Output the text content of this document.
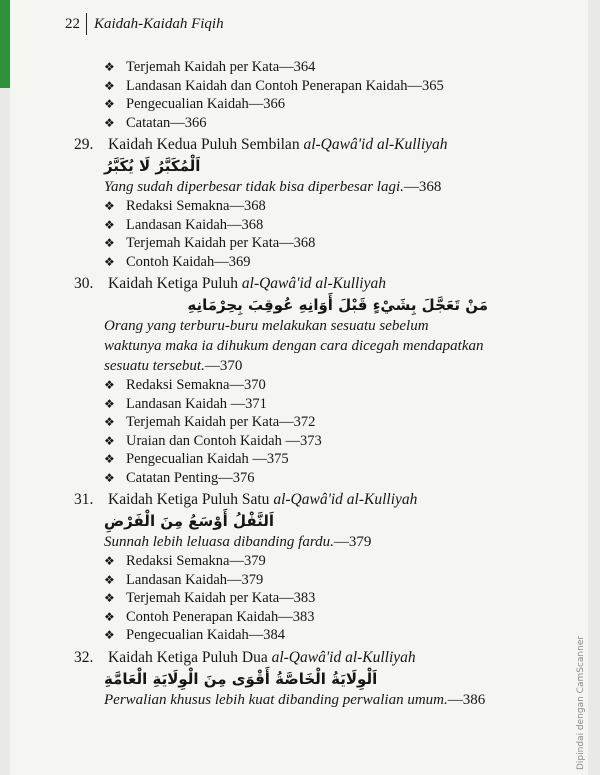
22 Kaidah-Kaidah Fiqih
❖ Terjemah Kaidah per Kata—364
❖ Landasan Kaidah dan Contoh Penerapan Kaidah—365
❖ Pengecualian Kaidah—366
❖ Catatan—366
29. Kaidah Kedua Puluh Sembilan al-Qawâ'id al-Kulliyah
اَلْمُكَبَّرُ لَا يُكَبَّرُ
Yang sudah diperbesar tidak bisa diperbesar lagi.—368
❖ Redaksi Semakna—368
❖ Landasan Kaidah—368
❖ Terjemah Kaidah per Kata—368
❖ Contoh Kaidah—369
30. Kaidah Ketiga Puluh al-Qawâ'id al-Kulliyah
مَنْ تَعَجَّلَ بِشَيْءٍ قَبْلَ أَوَانِهِ عُوقِبَ بِحِرْمَانِهِ
Orang yang terburu-buru melakukan sesuatu sebelum waktunya maka ia dihukum dengan cara dicegah mendapatkan sesuatu tersebut.—370
❖ Redaksi Semakna—370
❖ Landasan Kaidah —371
❖ Terjemah Kaidah per Kata—372
❖ Uraian dan Contoh Kaidah —373
❖ Pengecualian Kaidah —375
❖ Catatan Penting—376
31. Kaidah Ketiga Puluh Satu al-Qawâ'id al-Kulliyah
اَلنَّفْلُ أَوْسَعُ مِنَ الْفَرْضِ
Sunnah lebih leluasa dibanding fardu.—379
❖ Redaksi Semakna—379
❖ Landasan Kaidah—379
❖ Terjemah Kaidah per Kata—383
❖ Contoh Penerapan Kaidah—383
❖ Pengecualian Kaidah—384
32. Kaidah Ketiga Puluh Dua al-Qawâ'id al-Kulliyah
اَلْوِلَايَةُ الْخَاصَّةُ أَقْوَى مِنَ الْوِلَايَةِ الْعَامَّةِ
Perwalian khusus lebih kuat dibanding perwalian umum.—386	Dipindai dengan CamScanner
